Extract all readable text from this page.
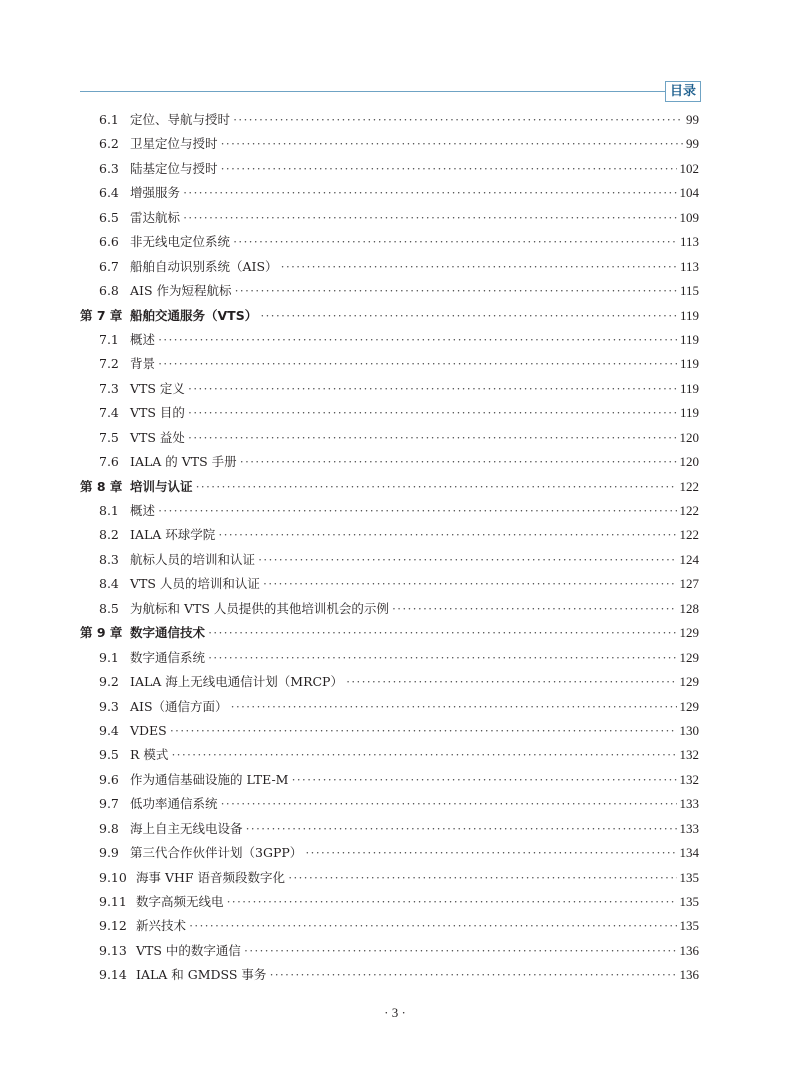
目录
6.1 定位、导航与授时 ·····	99
6.2 卫星定位与授时 ·····	99
6.3 陆基定位与授时 ·····	102
6.4 增强服务 ·····	104
6.5 雷达航标 ·····	109
6.6 非无线电定位系统 ·····	113
6.7 船舶自动识别系统（AIS） ·····	113
6.8 AIS 作为短程航标 ·····	115
第 7 章 船舶交通服务（VTS） ·····	119
7.1 概述 ·····	119
7.2 背景 ·····	119
7.3 VTS 定义 ·····	119
7.4 VTS 目的 ·····	119
7.5 VTS 益处 ·····	120
7.6 IALA 的 VTS 手册 ·····	120
第 8 章 培训与认证 ·····	122
8.1 概述 ·····	122
8.2 IALA 环球学院 ·····	122
8.3 航标人员的培训和认证 ·····	124
8.4 VTS 人员的培训和认证 ·····	127
8.5 为航标和 VTS 人员提供的其他培训机会的示例 ·····	128
第 9 章 数字通信技术 ·····	129
9.1 数字通信系统 ·····	129
9.2 IALA 海上无线电通信计划（MRCP） ·····	129
9.3 AIS（通信方面） ·····	129
9.4 VDES ·····	130
9.5 R 模式 ·····	132
9.6 作为通信基础设施的 LTE-M ·····	132
9.7 低功率通信系统 ·····	133
9.8 海上自主无线电设备 ·····	133
9.9 第三代合作伙伴计划（3GPP） ·····	134
9.10 海事 VHF 语音频段数字化 ·····	135
9.11 数字高频无线电 ·····	135
9.12 新兴技术 ·····	135
9.13 VTS 中的数字通信 ·····	136
9.14 IALA 和 GMDSS 事务 ·····	136
· 3 ·
